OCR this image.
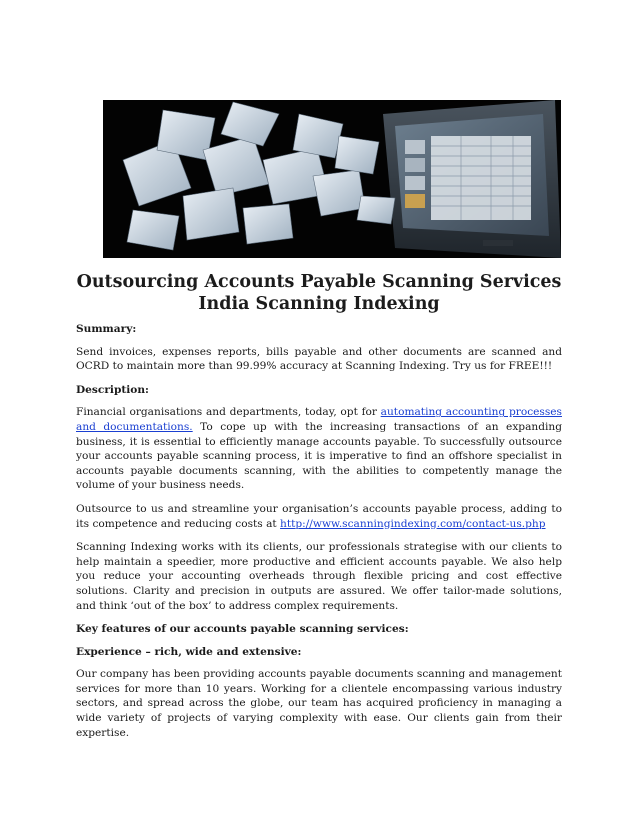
Outsourcing Accounts Payable Scanning Services
India Scanning Indexing

Summary:

Send invoices, expenses reports, bills payable and other documents are scanned and OCRD to maintain more than 99.99% accuracy at Scanning Indexing. Try us for FREE!!!

Description:

Financial organisations and departments, today, opt for automating accounting processes and documentations. To cope up with the increasing transactions of an expanding business, it is essential to efficiently manage accounts payable. To successfully outsource your accounts payable scanning process, it is imperative to find an offshore specialist in accounts payable documents scanning, with the abilities to competently manage the volume of your business needs.

Outsource to us and streamline your organisation’s accounts payable process, adding to its competence and reducing costs at http://www.scanningindexing.com/contact-us.php

Scanning Indexing works with its clients, our professionals strategise with our clients to help maintain a speedier, more productive and efficient accounts payable. We also help you reduce your accounting overheads through flexible pricing and cost effective solutions. Clarity and precision in outputs are assured. We offer tailor-made solutions, and think ‘out of the box’ to address complex requirements.

Key features of our accounts payable scanning services:

Experience – rich, wide and extensive:

Our company has been providing accounts payable documents scanning and management services for more than 10 years. Working for a clientele encompassing various industry sectors, and spread across the globe, our team has acquired proficiency in managing a wide variety of projects of varying complexity with ease. Our clients gain from their expertise.
